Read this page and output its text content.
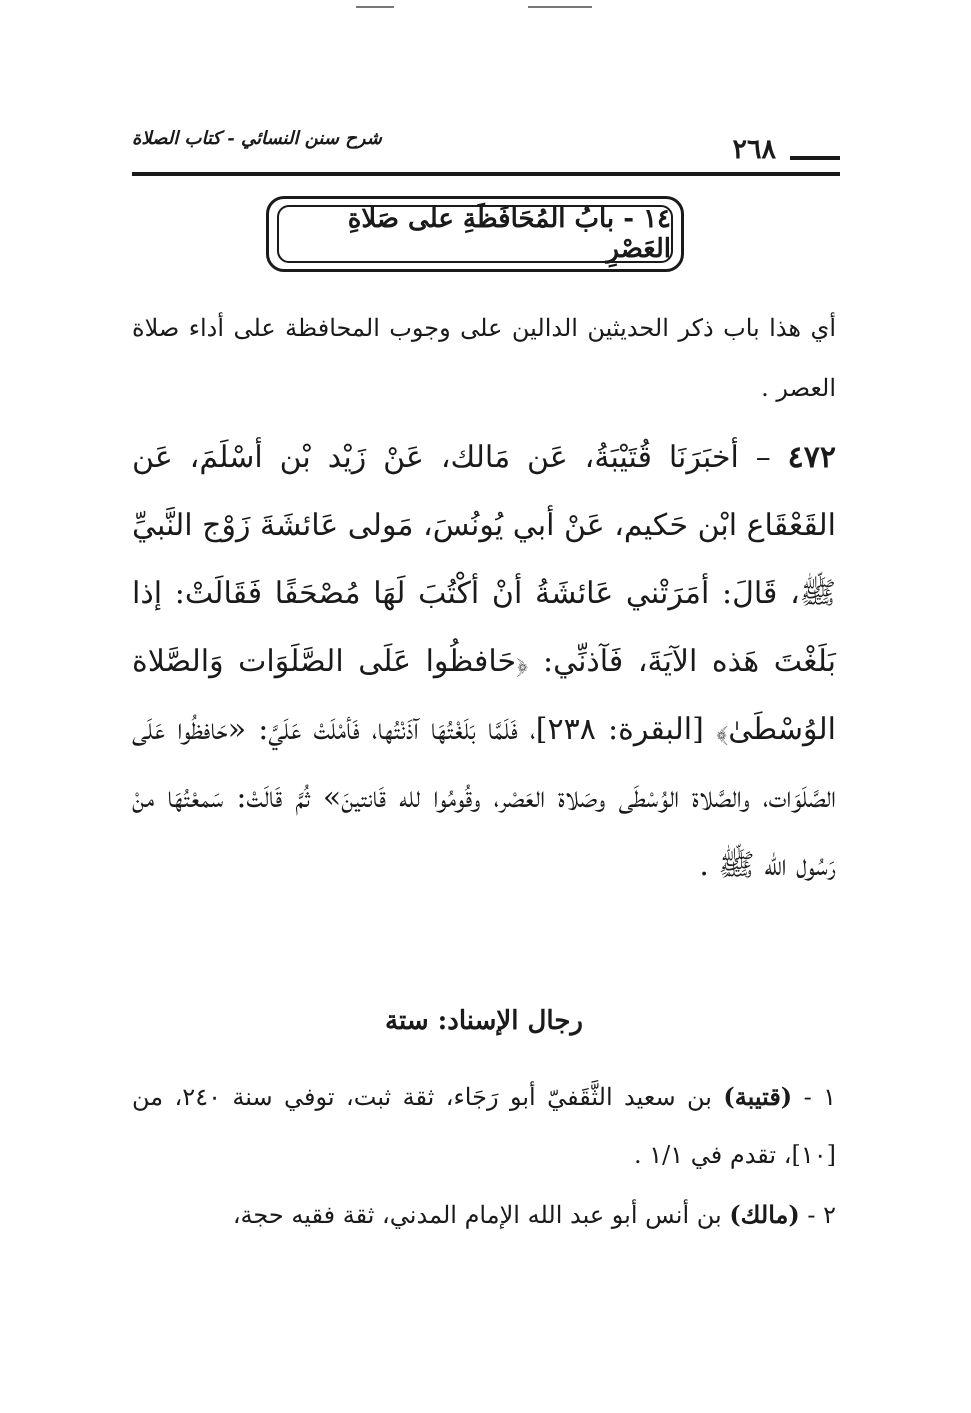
شرح سنن النسائي - كتاب الصلاة	٢٦٨
١٤ - بابُ المُحَافَظَةِ على صَلاةِ العَصْرِ

أي هذا باب ذكر الحديثين الدالين على وجوب المحافظة على أداء صلاة العصر .

٤٧٢ – أخبَرَنَا قُتَيْبَةُ، عَن مَالك، عَنْ زَيْد بْن أسْلَمَ، عَن القَعْقَاع ابْن حَكيم، عَنْ أبي يُونُسَ، مَولى عَائشَةَ زَوْج النَّبيِّ ﷺ، قَالَ: أمَرَتْني عَائشَةُ أنْ أكْتُبَ لَهَا مُصْحَفًا فَقَالَتْ: إذا بَلَغْتَ هَذه الآيَةَ، فَآذنِّي: ﴿حَافظُوا عَلَى الصَّلَوَات وَالصَّلاة الوُسْطَىٰ﴾ [البقرة: ٢٣٨]، فَلَمَّا بَلَغْتُهَا آذَنْتُها، فَأمْلَتْ عَلَيَّ: «حَافظُوا عَلَى الصَّلَوَات، والصَّلاة الوُسْطَى وصَلاة العَصْر، وقُومُوا لله قَانتينَ» ثُمَّ قَالَتْ: سَمعْتُهَا منْ رَسُول الله ﷺ .

رجال الإسناد: ستة

١ - (قتيبة) بن سعيد الثَّقَفيّ أبو رَجَاء، ثقة ثبت، توفي سنة ٢٤٠، من [١٠]، تقدم في ١/١ .

٢ - (مالك) بن أنس أبو عبد الله الإمام المدني، ثقة فقيه حجة،
